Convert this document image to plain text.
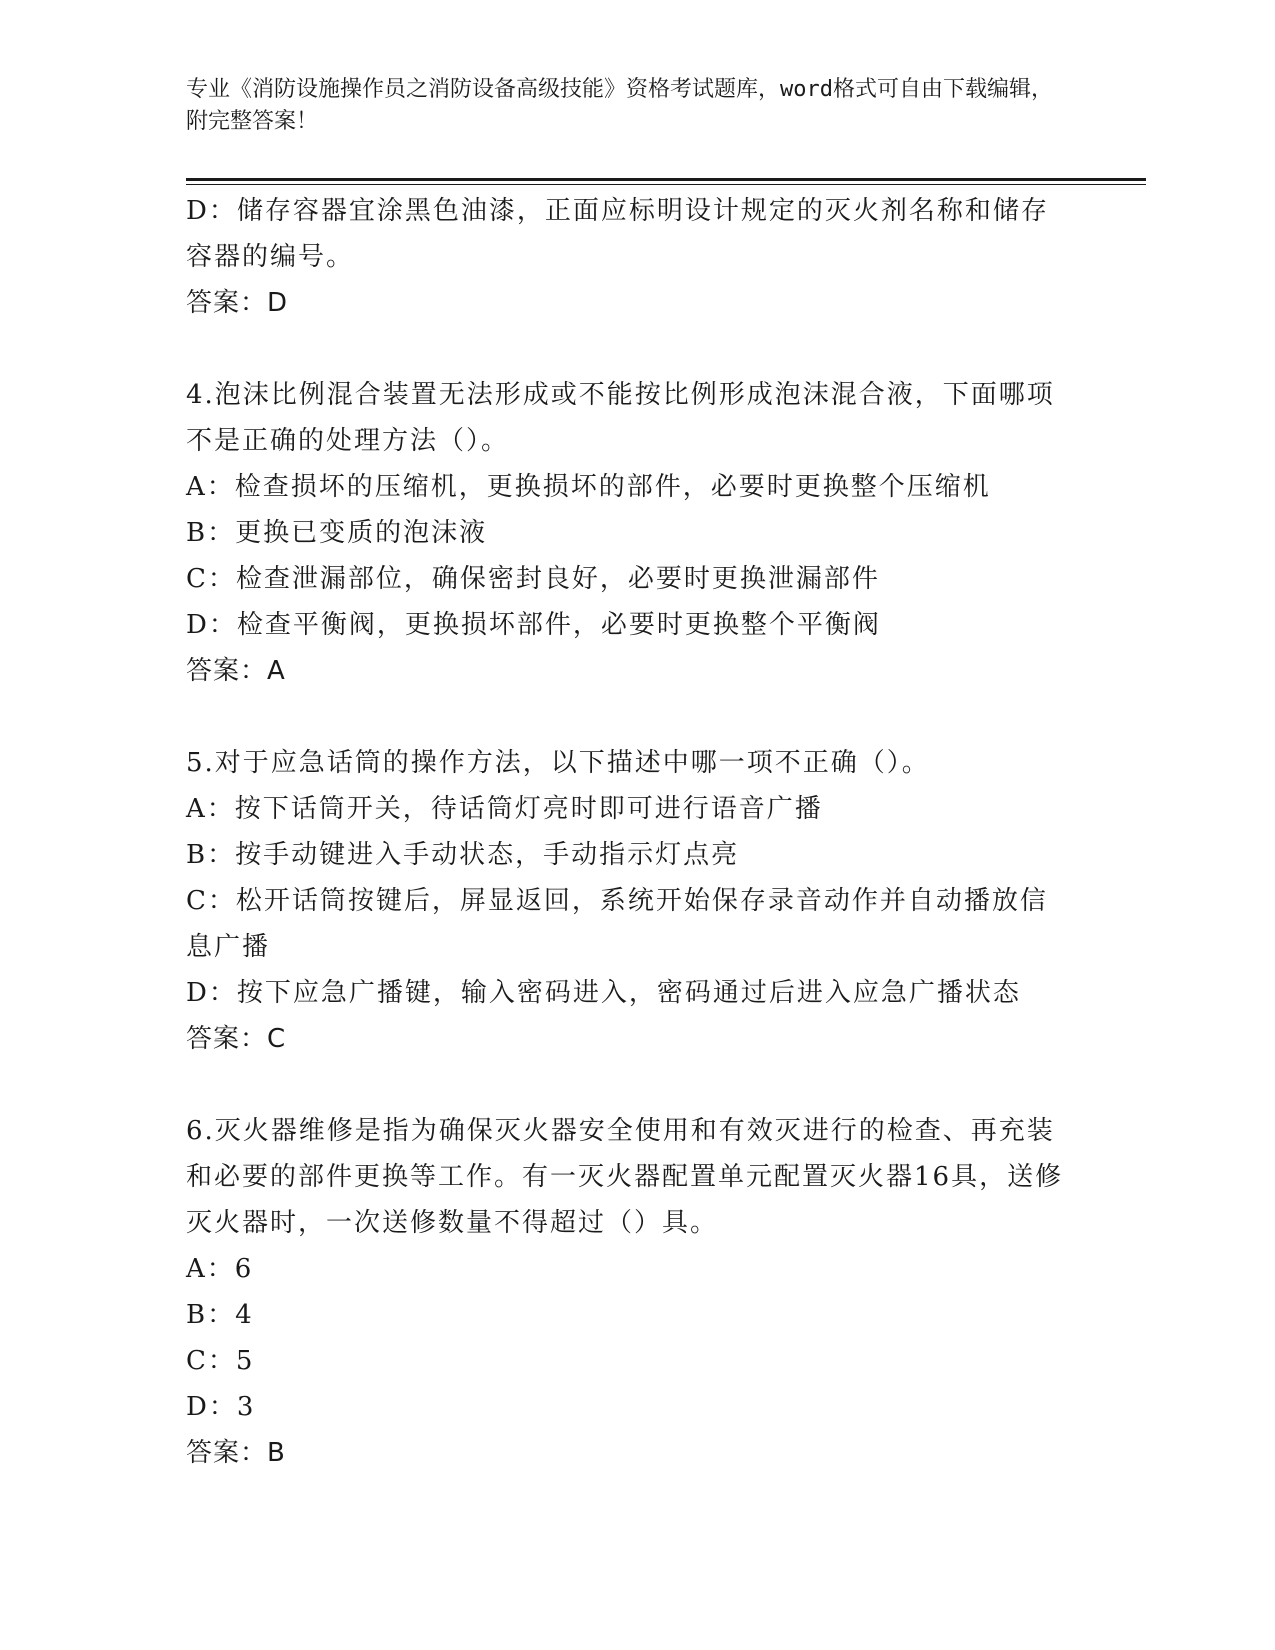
专业《消防设施操作员之消防设备高级技能》资格考试题库，word格式可自由下载编辑，附完整答案！
D：储存容器宜涂黑色油漆，正面应标明设计规定的灭火剂名称和储存容器的编号。
答案：D
4.泡沫比例混合装置无法形成或不能按比例形成泡沫混合液，下面哪项不是正确的处理方法（）。
A：检查损坏的压缩机，更换损坏的部件，必要时更换整个压缩机
B：更换已变质的泡沫液
C：检查泄漏部位，确保密封良好，必要时更换泄漏部件
D：检查平衡阀，更换损坏部件，必要时更换整个平衡阀
答案：A
5.对于应急话筒的操作方法，以下描述中哪一项不正确（）。
A：按下话筒开关，待话筒灯亮时即可进行语音广播
B：按手动键进入手动状态，手动指示灯点亮
C：松开话筒按键后，屏显返回，系统开始保存录音动作并自动播放信息广播
D：按下应急广播键，输入密码进入，密码通过后进入应急广播状态
答案：C
6.灭火器维修是指为确保灭火器安全使用和有效灭进行的检查、再充装和必要的部件更换等工作。有一灭火器配置单元配置灭火器16具，送修灭火器时，一次送修数量不得超过（）具。
A：6
B：4
C：5
D：3
答案：B
